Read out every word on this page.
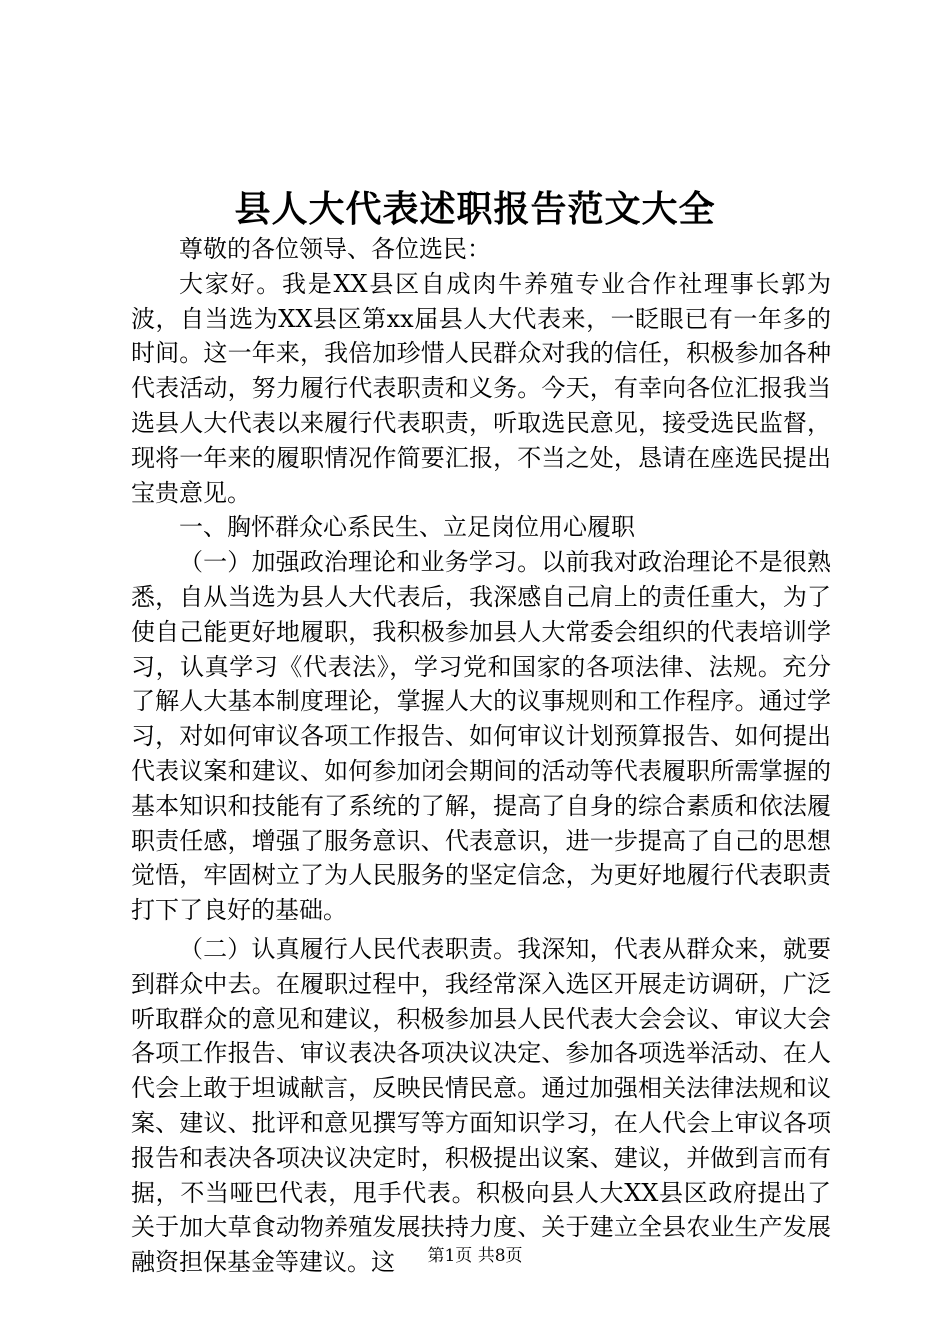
县人大代表述职报告范文大全

尊敬的各位领导、各位选民：

大家好。我是XX县区自成肉牛养殖专业合作社理事长郭为波，自当选为XX县区第xx届县人大代表来，一眨眼已有一年多的时间。这一年来，我倍加珍惜人民群众对我的信任，积极参加各种代表活动，努力履行代表职责和义务。今天，有幸向各位汇报我当选县人大代表以来履行代表职责，听取选民意见，接受选民监督，现将一年来的履职情况作简要汇报，不当之处，恳请在座选民提出宝贵意见。

一、胸怀群众心系民生、立足岗位用心履职

（一）加强政治理论和业务学习。以前我对政治理论不是很熟悉，自从当选为县人大代表后，我深感自己肩上的责任重大，为了使自己能更好地履职，我积极参加县人大常委会组织的代表培训学习，认真学习《代表法》，学习党和国家的各项法律、法规。充分了解人大基本制度理论，掌握人大的议事规则和工作程序。通过学习，对如何审议各项工作报告、如何审议计划预算报告、如何提出代表议案和建议、如何参加闭会期间的活动等代表履职所需掌握的基本知识和技能有了系统的了解，提高了自身的综合素质和依法履职责任感，增强了服务意识、代表意识，进一步提高了自己的思想觉悟，牢固树立了为人民服务的坚定信念，为更好地履行代表职责打下了良好的基础。

（二）认真履行人民代表职责。我深知，代表从群众来，就要到群众中去。在履职过程中，我经常深入选区开展走访调研，广泛听取群众的意见和建议，积极参加县人民代表大会会议、审议大会各项工作报告、审议表决各项决议决定、参加各项选举活动、在人代会上敢于坦诚献言，反映民情民意。通过加强相关法律法规和议案、建议、批评和意见撰写等方面知识学习，在人代会上审议各项报告和表决各项决议决定时，积极提出议案、建议，并做到言而有据，不当哑巴代表，甩手代表。积极向县人大XX县区政府提出了关于加大草食动物养殖发展扶持力度、关于建立全县农业生产发展融资担保基金等建议。这	第1页 共8页
